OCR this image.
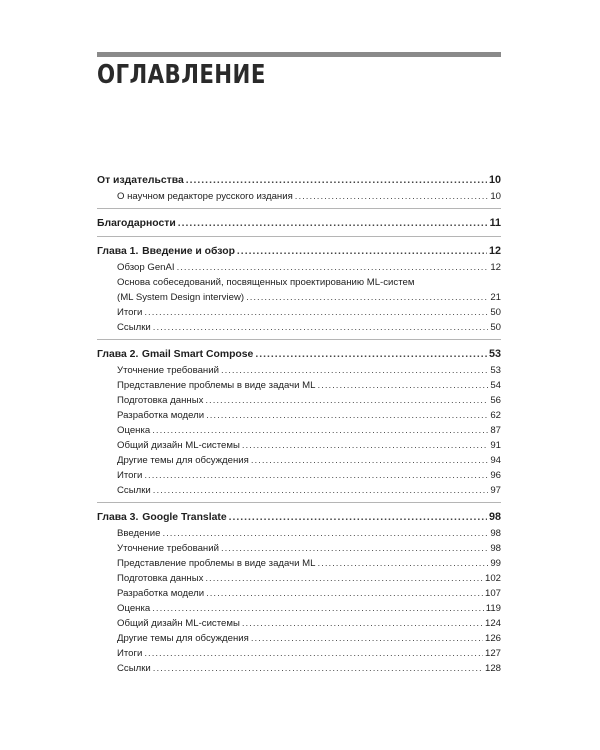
ОГЛАВЛЕНИЕ
От издательства .....	10
О научном редакторе русского издания .....	10
Благодарности .....	11
Глава 1. Введение и обзор .....	12
Обзор GenAI .....	12
Основа собеседований, посвященных проектированию ML-систем
(ML System Design interview) .....	21
Итоги .....	50
Ссылки .....	50
Глава 2. Gmail Smart Compose .....	53
Уточнение требований .....	53
Представление проблемы в виде задачи ML .....	54
Подготовка данных .....	56
Разработка модели .....	62
Оценка .....	87
Общий дизайн ML-системы .....	91
Другие темы для обсуждения .....	94
Итоги .....	96
Ссылки .....	97
Глава 3. Google Translate .....	98
Введение .....	98
Уточнение требований .....	98
Представление проблемы в виде задачи ML .....	99
Подготовка данных .....	102
Разработка модели .....	107
Оценка .....	119
Общий дизайн ML-системы .....	124
Другие темы для обсуждения .....	126
Итоги .....	127
Ссылки .....	128
